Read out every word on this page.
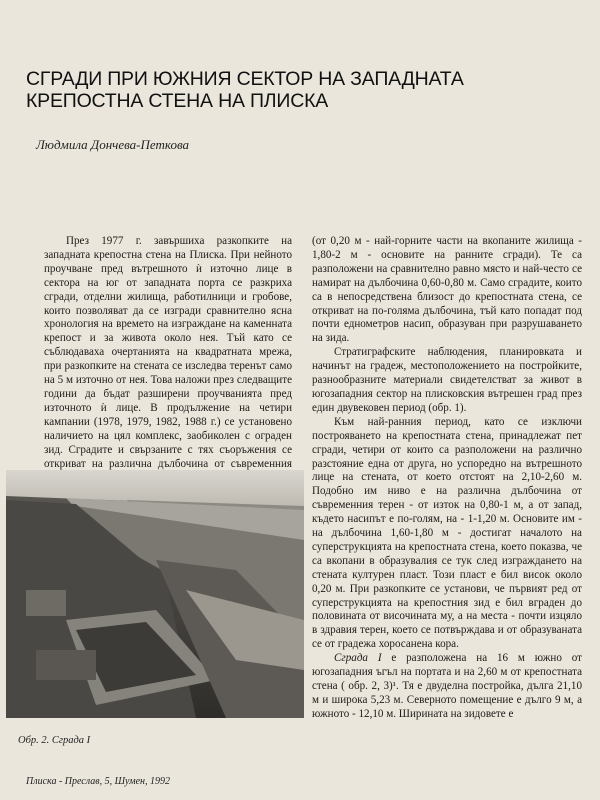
СГРАДИ ПРИ ЮЖНИЯ СЕКТОР НА ЗАПАДНАТА
КРЕПОСТНА СТЕНА НА ПЛИСКА
Людмила Дончева-Петкова

През 1977 г. завършиха разкопките на западната крепостна стена на Плиска. При нейното проучване пред вътрешното ѝ източно лице в сектора на юг от западната порта се разкриха сгради, отделни жилища, работилници и гробове, които позволяват да се изгради сравнително ясна хронология на времето на изграждане на каменната крепост и за живота около нея. Тъй като се съблюдаваха очертанията на квадратната мрежа, при разкопките на стената се изследва теренът само на 5 м източно от нея. Това наложи през следващите години да бъдат разширени проучванията пред източното ѝ лице. В продължение на четири кампании (1978, 1979, 1982, 1988 г.) се установено наличието на цял комплекс, заобиколен с ограден зид. Сградите и свързаните с тях съоръжения се откриват на различна дълбочина от съвременния

(от 0,20 м - най-горните части на вкопаните жилища - 1,80-2 м - основите на ранните сгради). Те са разположени на сравнително равно място и най-често се намират на дълбочина 0,60-0,80 м. Само сградите, които са в непосредствена близост до крепостната стена, се откриват на по-голяма дълбочина, тъй като попадат под почти еднометров насип, образуван при разрушаването на зида.

Стратиграфските наблюдения, планировката и начинът на градеж, местоположението на постройките, разнообразните материали свидетелстват за живот в югозападния сектор на плисковския вътрешен град през един двувековен период (обр. 1).

Към най-ранния период, като се изключи построяването на крепостната стена, принадлежат пет сгради, четири от които са разположени на различно разстояние една от друга, но успоредно на вътрешното лице на стената, от което отстоят на 2,10-2,60 м. Подобно им ниво е на различна дълбочина от съвременния терен - от изток на 0,80-1 м, а от запад, където насипът е по-голям, на - 1-1,20 м. Основите им - на дълбочина 1,60-1,80 м - достигат началото на суперструкцията на крепостната стена, което показва, че са вкопани в образувалия се тук след изграждането на стената културен пласт. Този пласт е бил висок около 0,20 м. При разкопките се установи, че първият ред от суперструкцията на крепостния зид е бил вграден до половината от височината му, а на места - почти изцяло в здравия терен, което се потвърждава и от образуваната се от градежа хоросанена кора.

Сграда I е разположена на 16 м южно от югозападния ъгъл на портата и на 2,60 м от крепостната стена ( обр. 2, 3)¹. Тя е двуделна постройка, дълга 21,10 м и широка 5,23 м. Северното помещение е дълго 9 м, а южното - 12,10 м. Ширината на зидовете е

Обр. 2. Сграда I
Плиска - Преслав, 5, Шумен, 1992
